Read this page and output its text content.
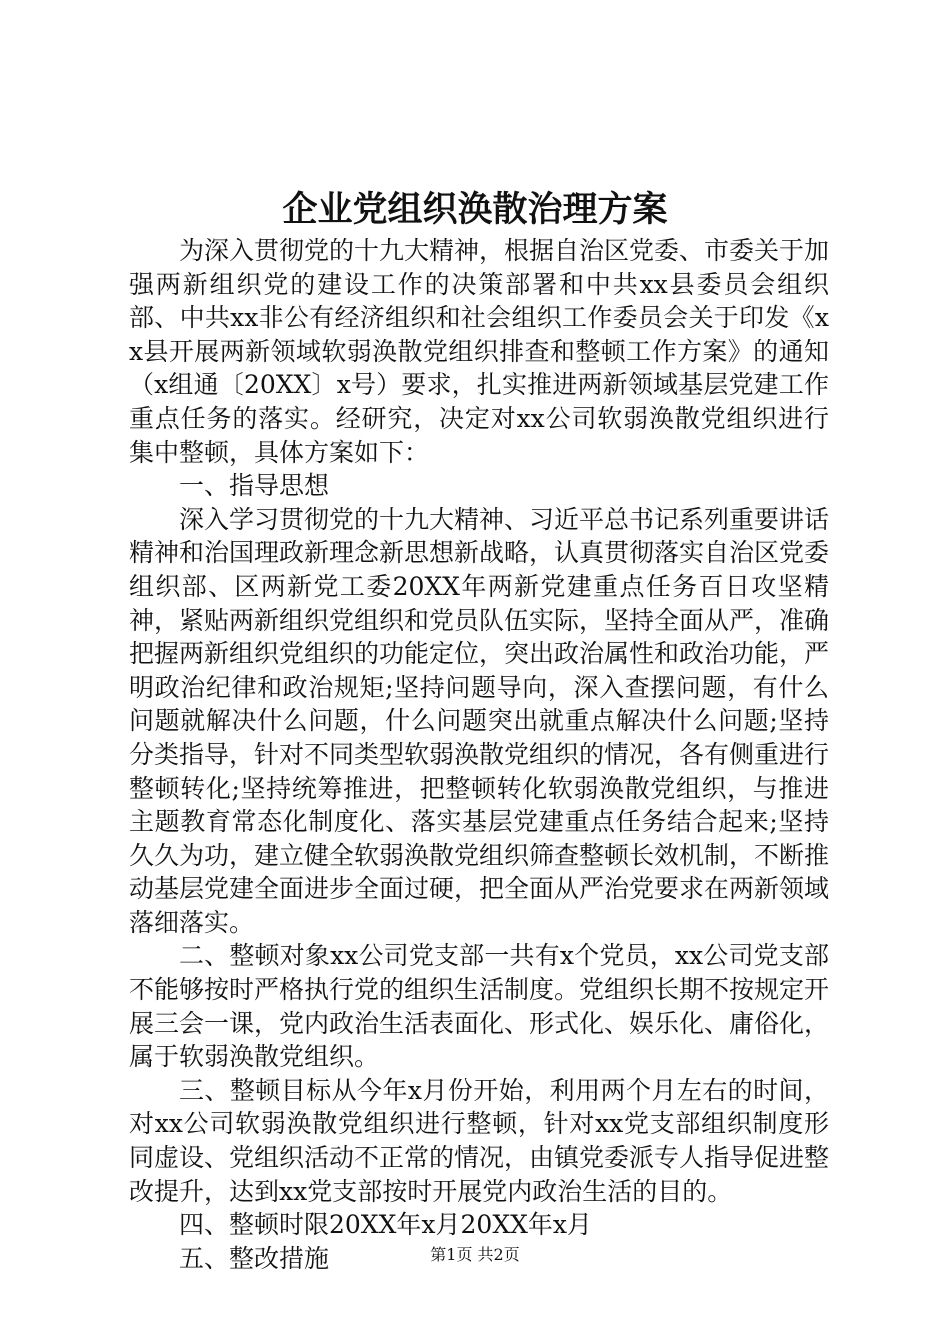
企业党组织涣散治理方案

为深入贯彻党的十九大精神，根据自治区党委、市委关于加强两新组织党的建设工作的决策部署和中共xx县委员会组织部、中共xx非公有经济组织和社会组织工作委员会关于印发《xx县开展两新领域软弱涣散党组织排查和整顿工作方案》的通知（x组通〔20XX〕x号）要求，扎实推进两新领域基层党建工作重点任务的落实。经研究，决定对xx公司软弱涣散党组织进行集中整顿，具体方案如下：

一、指导思想

深入学习贯彻党的十九大精神、习近平总书记系列重要讲话精神和治国理政新理念新思想新战略，认真贯彻落实自治区党委组织部、区两新党工委20XX年两新党建重点任务百日攻坚精神，紧贴两新组织党组织和党员队伍实际，坚持全面从严，准确把握两新组织党组织的功能定位，突出政治属性和政治功能，严明政治纪律和政治规矩;坚持问题导向，深入查摆问题，有什么问题就解决什么问题，什么问题突出就重点解决什么问题;坚持分类指导，针对不同类型软弱涣散党组织的情况，各有侧重进行整顿转化;坚持统筹推进，把整顿转化软弱涣散党组织，与推进主题教育常态化制度化、落实基层党建重点任务结合起来;坚持久久为功，建立健全软弱涣散党组织筛查整顿长效机制，不断推动基层党建全面进步全面过硬，把全面从严治党要求在两新领域落细落实。

二、整顿对象xx公司党支部一共有x个党员，xx公司党支部不能够按时严格执行党的组织生活制度。党组织长期不按规定开展三会一课，党内政治生活表面化、形式化、娱乐化、庸俗化，属于软弱涣散党组织。

三、整顿目标从今年x月份开始，利用两个月左右的时间，对xx公司软弱涣散党组织进行整顿，针对xx党支部组织制度形同虚设、党组织活动不正常的情况，由镇党委派专人指导促进整改提升，达到xx党支部按时开展党内政治生活的目的。

四、整顿时限20XX年x月20XX年x月

五、整改措施	第1页 共2页
